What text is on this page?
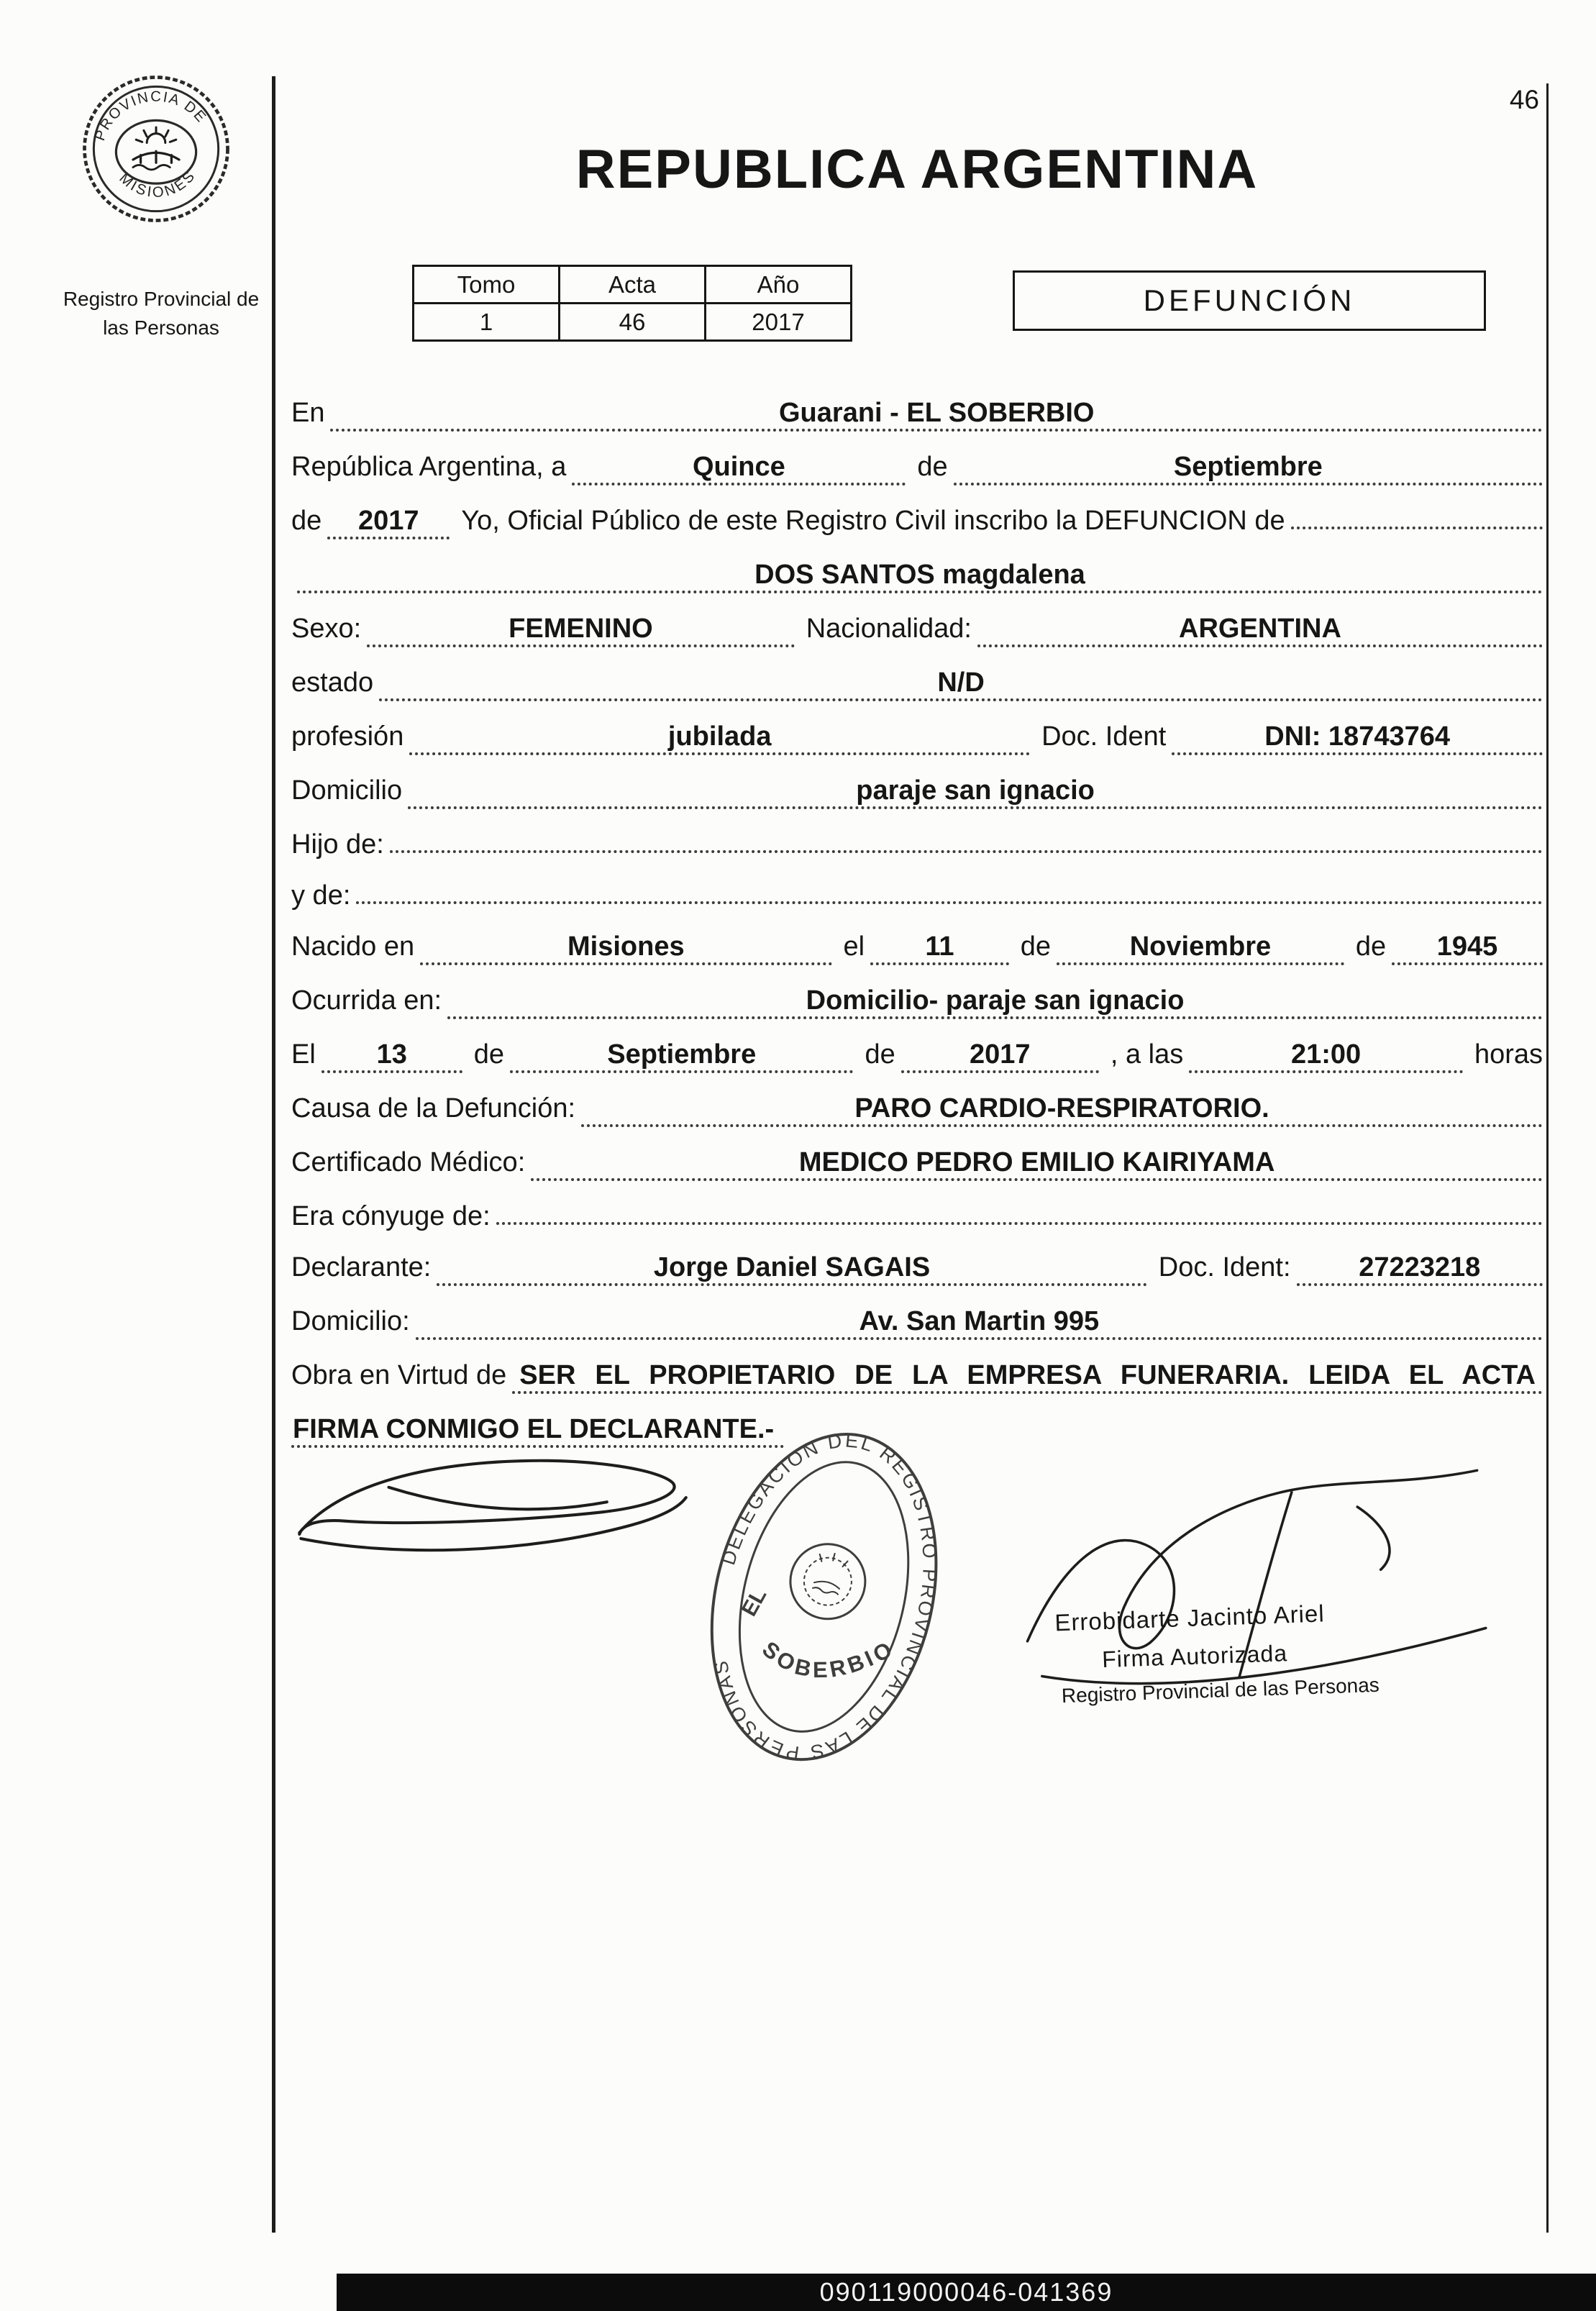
46
REPUBLICA ARGENTINA
PROVINCIA DE
MISIONES
Registro Provincial de
las Personas
Tomo	Acta	Año
1	46	2017
DEFUNCIÓN
En	Guarani - EL SOBERBIO
República Argentina, a	Quince	de	Septiembre
de	2017	Yo, Oficial Público de este Registro Civil inscribo la DEFUNCION de
DOS SANTOS magdalena
Sexo:	FEMENINO	Nacionalidad:	ARGENTINA
estado	N/D
profesión	jubilada	Doc. Ident	DNI: 18743764
Domicilio	paraje san ignacio
Hijo de:
y de:
Nacido en	Misiones	el	11	de	Noviembre	de	1945
Ocurrida en:	Domicilio- paraje san ignacio
El	13	de	Septiembre	de	2017	, a las	21:00	horas
Causa de la Defunción:	PARO CARDIO-RESPIRATORIO.
Certificado Médico:	MEDICO PEDRO EMILIO KAIRIYAMA
Era cónyuge de:
Declarante:	Jorge Daniel SAGAIS	Doc. Ident:	27223218
Domicilio:	Av. San Martin 995
Obra en Virtud de SER EL PROPIETARIO DE LA EMPRESA FUNERARIA. LEIDA EL ACTA
FIRMA CONMIGO EL DECLARANTE.-
DELEGACION DEL REGISTRO PROVINCIAL DE LAS PERSONAS
EL
SOBERBIO
Errobidarte Jacinto Ariel
Firma Autorizada
Registro Provincial de las Personas
090119000046-041369
